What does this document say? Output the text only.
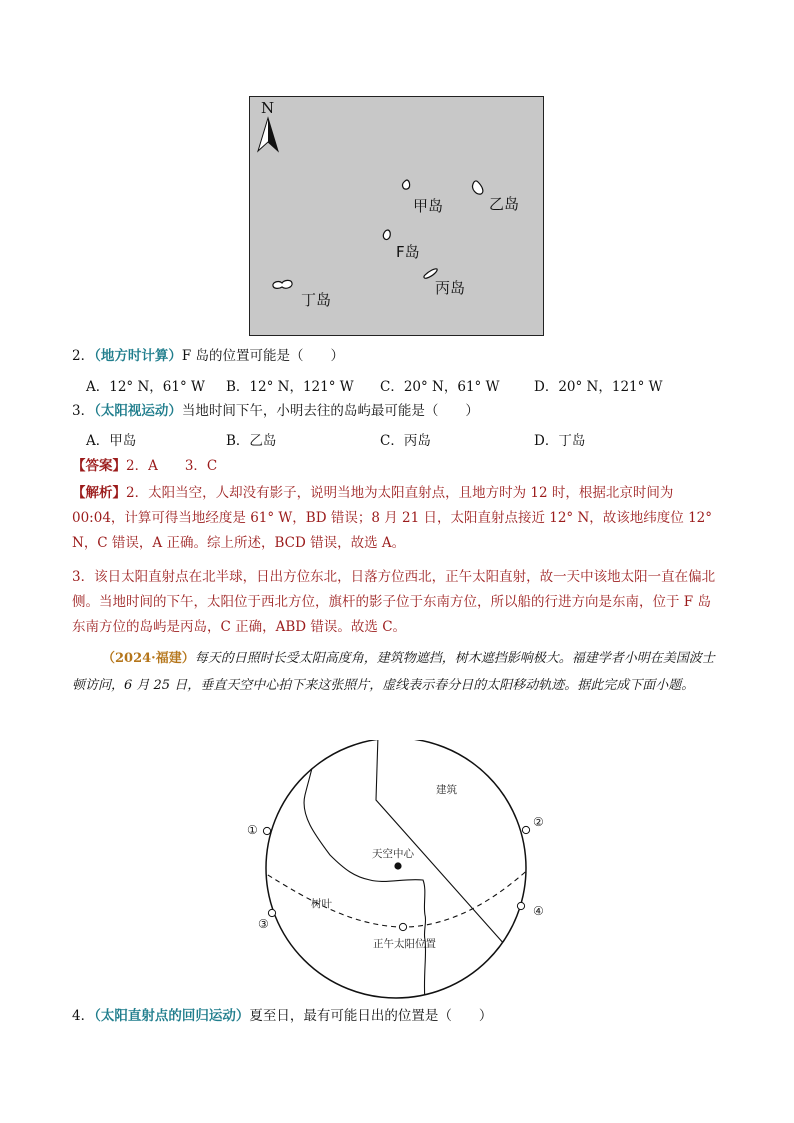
N
甲岛	乙岛
F岛
丙岛
丁岛
2．（地方时计算）F 岛的位置可能是（　　）
A．12° N，61° W B．12° N，121° W C．20° N，61° W	D．20° N，121° W
3．（太阳视运动）当地时间下午，小明去往的岛屿最可能是（　　）
A．甲岛	B．乙岛	C．丙岛	D．丁岛
【答案】2．A　　3．C
【解析】2．太阳当空，人却没有影子，说明当地为太阳直射点，且地方时为 12 时，根据北京时间为 00:04，计算可得当地经度是 61° W，BD 错误；8 月 21 日，太阳直射点接近 12° N，故该地纬度位 12° N，C 错误，A 正确。综上所述，BCD 错误，故选 A。
3．该日太阳直射点在北半球，日出方位东北，日落方位西北，正午太阳直射，故一天中该地太阳一直在偏北侧。当地时间的下午，太阳位于西北方位，旗杆的影子位于东南方位，所以船的行进方向是东南，位于 F 岛东南方位的岛屿是丙岛，C 正确，ABD 错误。故选 C。
（2024·福建）每天的日照时长受太阳高度角，建筑物遮挡，树木遮挡影响极大。福建学者小明在美国波士顿访问，6 月 25 日，垂直天空中心拍下来这张照片，虚线表示春分日的太阳移动轨迹。据此完成下面小题。
建筑
天空中心
树叶
正午太阳位置
①
②
③
④
4．（太阳直射点的回归运动）夏至日，最有可能日出的位置是（　　）
